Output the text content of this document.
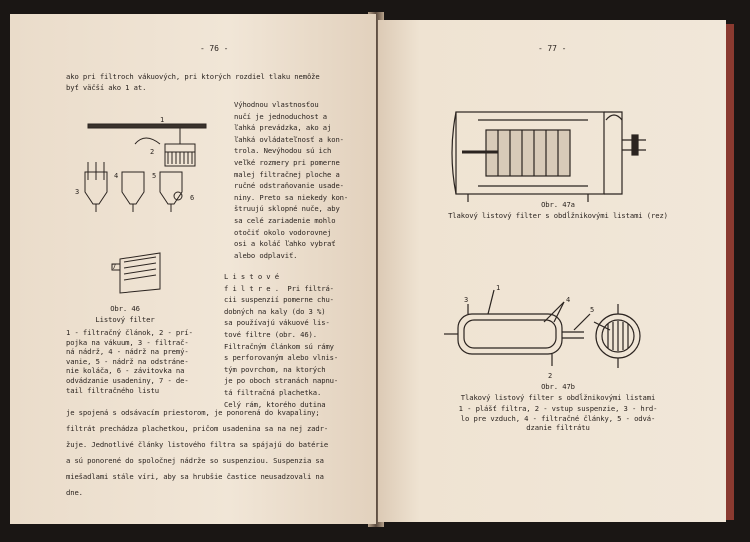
- 76 -
ako pri filtroch vákuových, pri ktorých rozdiel tlaku nemôže
byť väčší ako 1 at.
Výhodnou vlastnosťou
nučí je jednoduchost a
ľahká prevádzka, ako aj
ľahká ovládateľnosť a kon-
trola. Nevýhodou sú ich
veľké rozmery pri pomerne
malej filtračnej ploche a
ručné odstraňovanie usade-
niny. Preto sa niekedy kon-
štruujú sklopné nuče, aby
sa celé zariadenie mohlo
otočiť okolo vodorovnej
osi a koláč ľahko vybrať
alebo odplaviť.
L i s t o v é
f i l t r e .  Pri filtrá-
cii suspenzií pomerne chu-
dobných na kaly (do 3 %)
sa používajú vákuové lis-
tové filtre (obr. 46).
Filtračným článkom sú rámy
s perforovaným alebo vlnis-
tým povrchom, na ktorých
je po oboch stranách napnu-
tá filtračná plachetka.
Celý rám, ktorého dutina
1
2
3
4	5
6
7
Obr. 46
Listový filter
1 - filtračný článok, 2 - prí-
pojka na vákuum, 3 - filtrač-
ná nádrž, 4 - nádrž na premý-
vanie, 5 - nádrž na odstráne-
nie koláča, 6 - závitovka na
odvádzanie usadeniny, 7 - de-
tail filtračného listu
je spojená s odsávacím priestorom, je ponorená do kvapaliny;
filtrát prechádza plachetkou, pričom usadenina sa na nej zadr-
žuje. Jednotlivé články listového filtra sa spájajú do batérie
a sú ponorené do spoločnej nádrže so suspenziou. Suspenzia sa
miešadlami stále víri, aby sa hrubšie častice neusadzovali na
dne.
- 77 -
Obr. 47a
Tlakový listový filter s obdĺžnikovými listami (rez)
1
2
3	4
5
Obr. 47b
Tlakový listový filter s obdĺžnikovými listami
1 - plášť filtra, 2 - vstup suspenzie, 3 - hrd-
lo pre vzduch, 4 - filtračné články, 5 - odvá-
dzanie filtrátu
